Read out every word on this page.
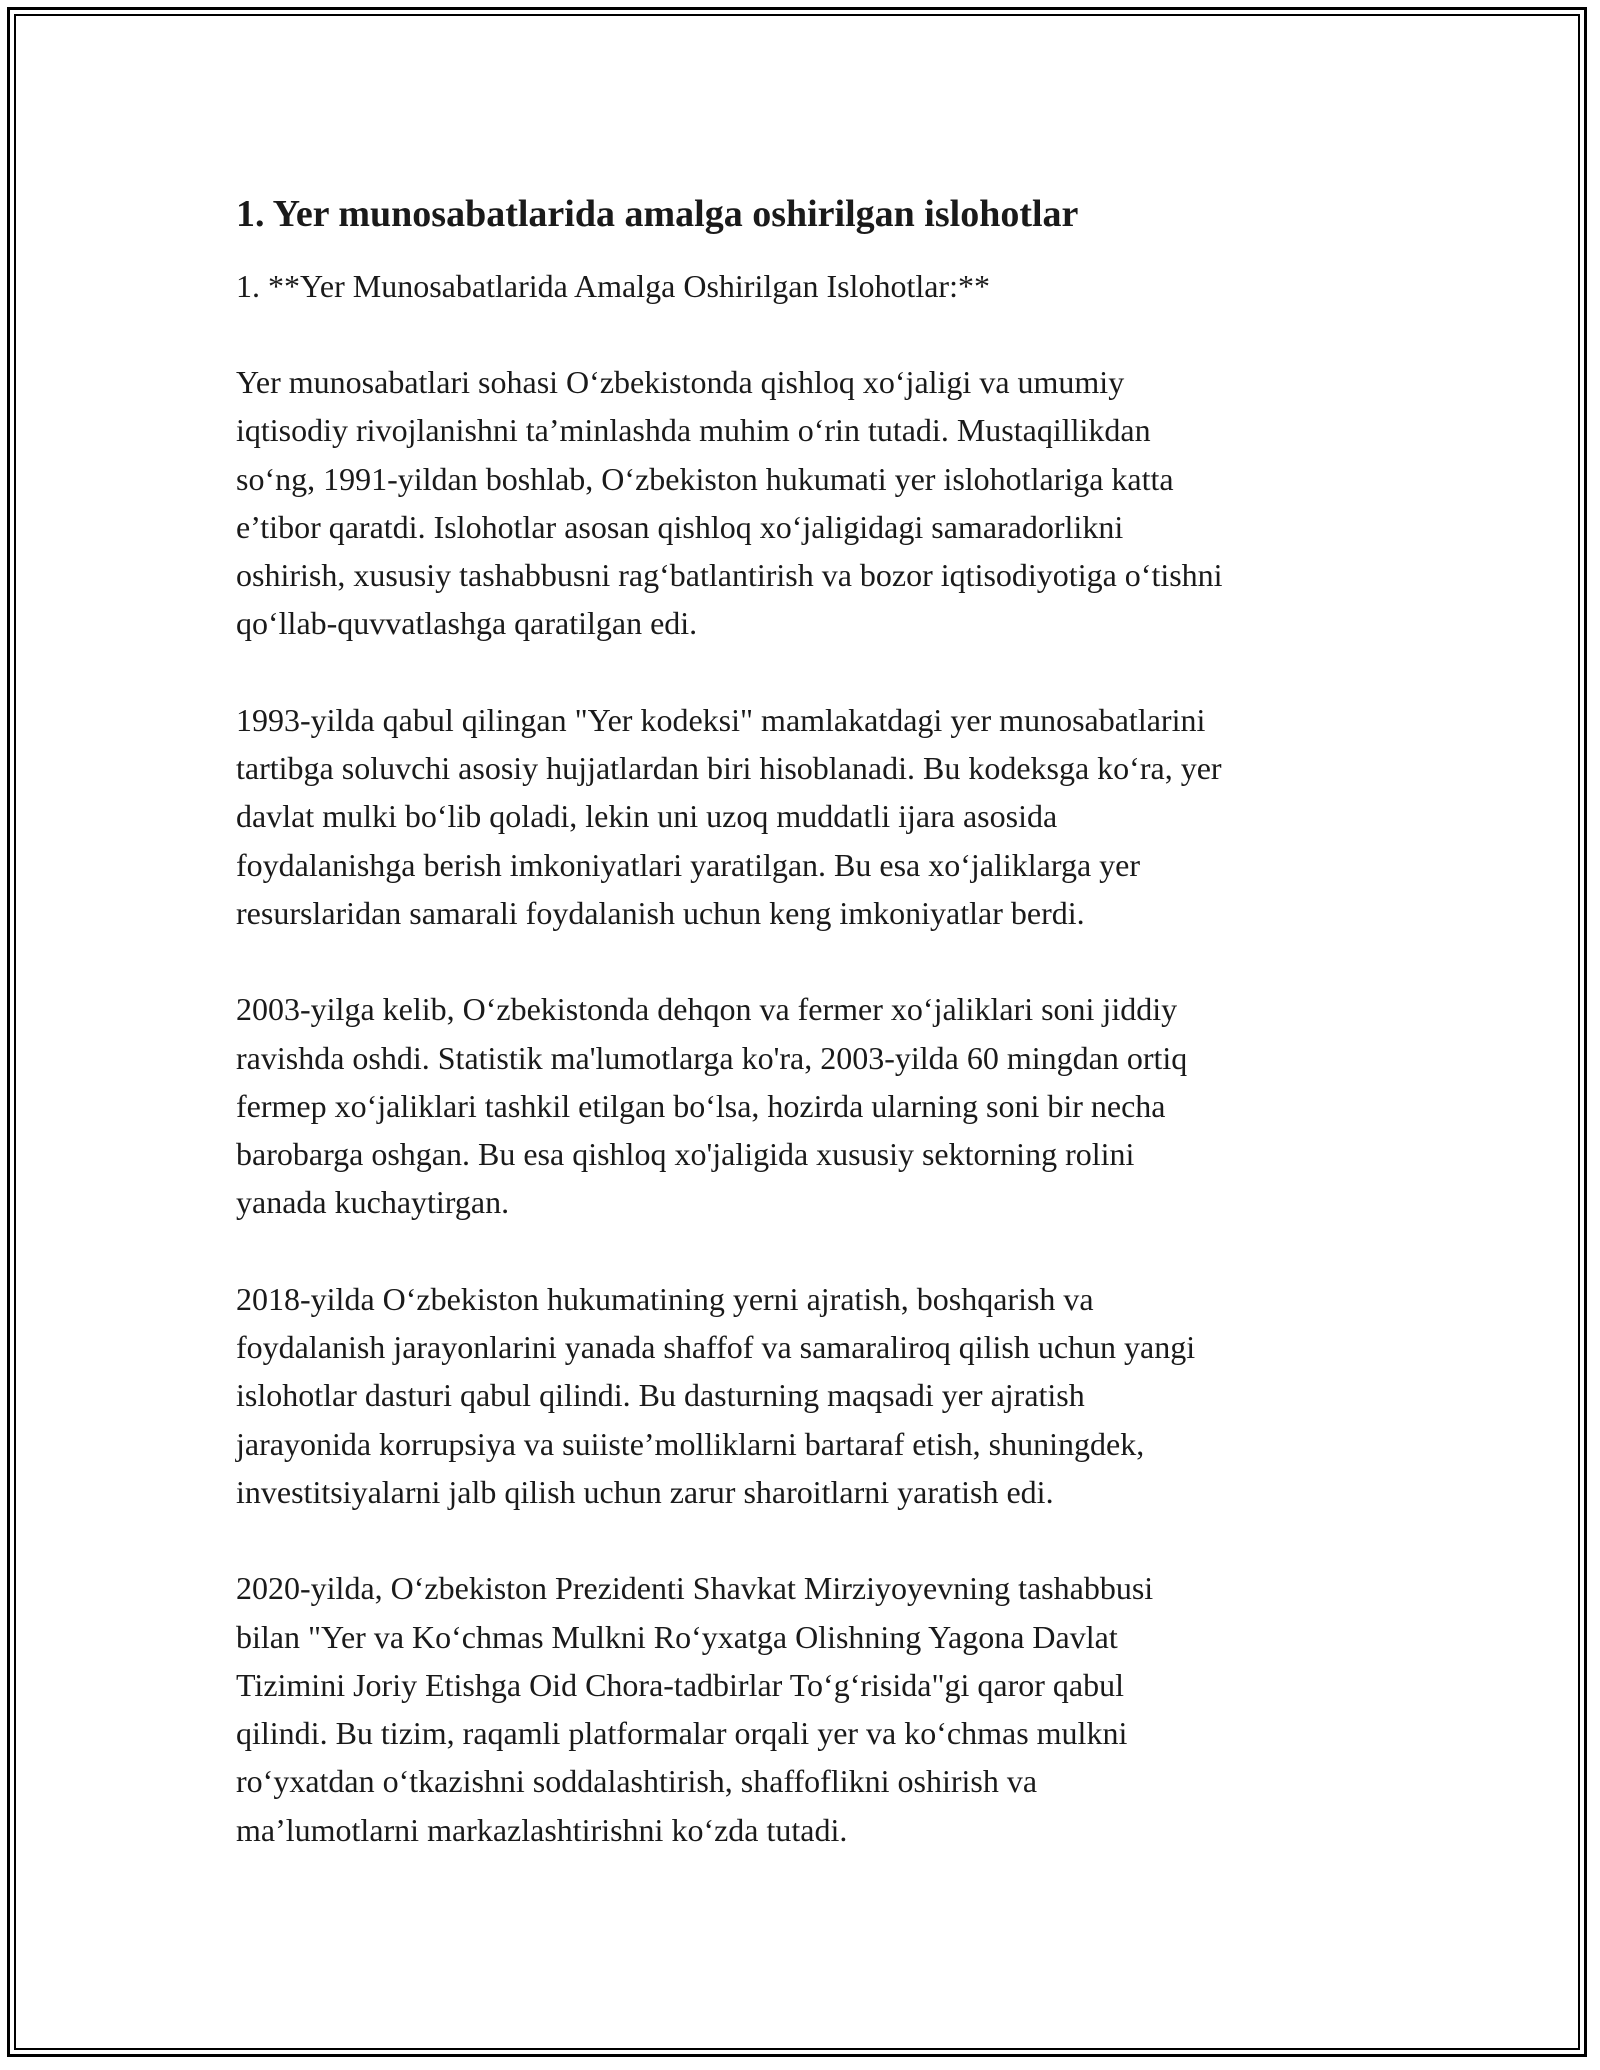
1. Yer munosabatlarida amalga oshirilgan islohotlar
1. **Yer Munosabatlarida Amalga Oshirilgan Islohotlar:**

Yer munosabatlari sohasi O‘zbekistonda qishloq xo‘jaligi va umumiy
iqtisodiy rivojlanishni ta’minlashda muhim o‘rin tutadi. Mustaqillikdan
so‘ng, 1991-yildan boshlab, O‘zbekiston hukumati yer islohotlariga katta
e’tibor qaratdi. Islohotlar asosan qishloq xo‘jaligidagi samaradorlikni
oshirish, xususiy tashabbusni rag‘batlantirish va bozor iqtisodiyotiga o‘tishni
qo‘llab-quvvatlashga qaratilgan edi.

1993-yilda qabul qilingan "Yer kodeksi" mamlakatdagi yer munosabatlarini
tartibga soluvchi asosiy hujjatlardan biri hisoblanadi. Bu kodeksga ko‘ra, yer
davlat mulki bo‘lib qoladi, lekin uni uzoq muddatli ijara asosida
foydalanishga berish imkoniyatlari yaratilgan. Bu esa xo‘jaliklarga yer
resurslaridan samarali foydalanish uchun keng imkoniyatlar berdi.

2003-yilga kelib, O‘zbekistonda dehqon va fermer xo‘jaliklari soni jiddiy
ravishda oshdi. Statistik ma'lumotlarga ko'ra, 2003-yilda 60 mingdan ortiq
fermep xo‘jaliklari tashkil etilgan bo‘lsa, hozirda ularning soni bir necha
barobarga oshgan. Bu esa qishloq xo'jaligida xususiy sektorning rolini
yanada kuchaytirgan.

2018-yilda O‘zbekiston hukumatining yerni ajratish, boshqarish va
foydalanish jarayonlarini yanada shaffof va samaraliroq qilish uchun yangi
islohotlar dasturi qabul qilindi. Bu dasturning maqsadi yer ajratish
jarayonida korrupsiya va suiiste’molliklarni bartaraf etish, shuningdek,
investitsiyalarni jalb qilish uchun zarur sharoitlarni yaratish edi.

2020-yilda, O‘zbekiston Prezidenti Shavkat Mirziyoyevning tashabbusi
bilan "Yer va Ko‘chmas Mulkni Ro‘yxatga Olishning Yagona Davlat
Tizimini Joriy Etishga Oid Chora-tadbirlar To‘g‘risida"gi qaror qabul
qilindi. Bu tizim, raqamli platformalar orqali yer va ko‘chmas mulkni
ro‘yxatdan o‘tkazishni soddalashtirish, shaffoflikni oshirish va
ma’lumotlarni markazlashtirishni ko‘zda tutadi.
